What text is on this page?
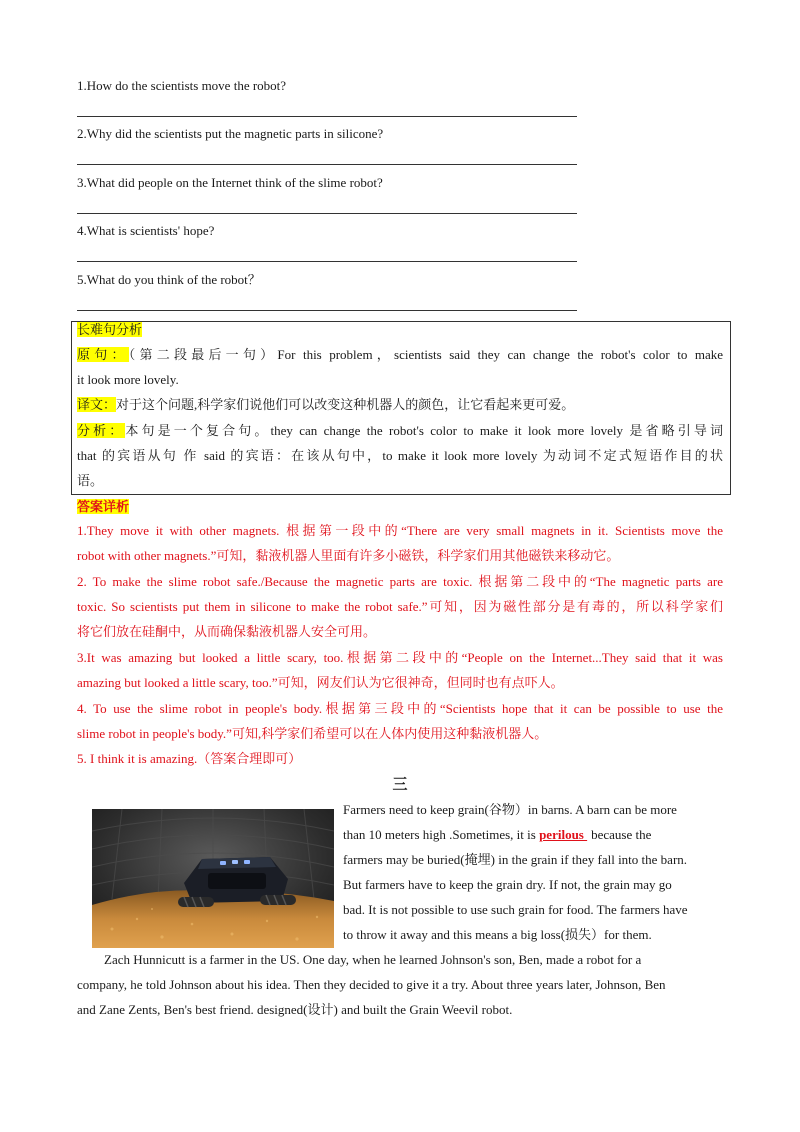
1.How do the scientists move the robot?
2.Why did the scientists put the magnetic parts in silicone?
3.What did people on the Internet think of the slime robot?
4.What is scientists' hope?
5.What do you think of the robot？
长难句分析
原句：（第二段最后一句）For this problem，scientists said they can change the robot's color to make
it look more lovely.
译文：对于这个问题,科学家们说他们可以改变这种机器人的颜色，让它看起来更可爱。
分析：本句是一个复合句。they can change the robot's color to make it look more lovely 是省略引导词
that 的宾语从句 作 said 的宾语：在该从句中，to make it look more lovely 为动词不定式短语作目的状
语。
答案详析
1.They move it with other magnets. 根据第一段中的“There are very small magnets in it. Scientists move the
robot with other magnets.”可知，黏液机器人里面有许多小磁铁，科学家们用其他磁铁来移动它。
2. To make the slime robot safe./Because the magnetic parts are toxic. 根据第二段中的“The magnetic parts are
toxic. So scientists put them in silicone to make the robot safe.”可知，因为磁性部分是有毒的，所以科学家们
将它们放在硅酮中，从而确保黏液机器人安全可用。
3.It was amazing but looked a little scary, too.根据第二段中的“People on the Internet...They said that it was
amazing but looked a little scary, too.”可知，网友们认为它很神奇，但同时也有点吓人。
4. To use the slime robot in people's body.根据第三段中的“Scientists hope that it can be possible to use the
slime robot in people's body.”可知,科学家们希望可以在人体内使用这种黏液机器人。
5. I think it is amazing.（答案合理即可）
三
Farmers need to keep grain(谷物）in barns. A barn can be more
than 10 meters high .Sometimes, it is perilous because the
farmers may be buried(掩埋) in the grain if they fall into the barn.
But farmers have to keep the grain dry. If not, the grain may go
bad. It is not possible to use such grain for food. The farmers have
to throw it away and this means a big loss(损失）for them.
Zach Hunnicutt is a farmer in the US. One day, when he learned Johnson's son, Ben, made a robot for a
company, he told Johnson about his idea. Then they decided to give it a try. About three years later, Johnson, Ben
and Zane Zents, Ben's best friend. designed(设计) and built the Grain Weevil robot.
